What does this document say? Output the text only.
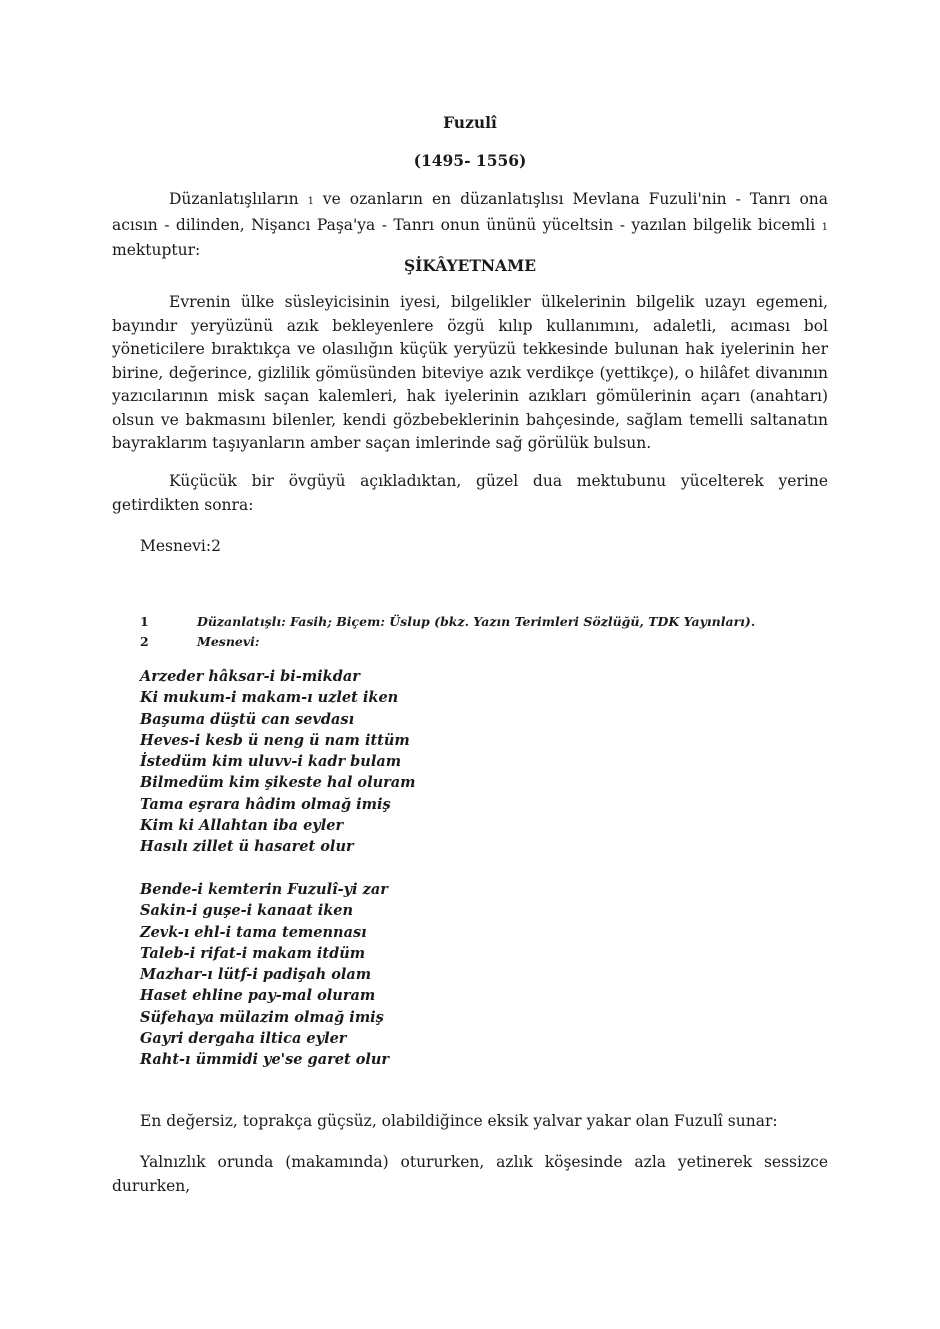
Fuzulî
(1495- 1556)
Düzanlatışlıların 1 ve ozanların en düzanlatışlısı Mevlana Fuzuli'nin - Tanrı ona acısın - dilinden, Nişancı Paşa'ya - Tanrı onun ününü yüceltsin - yazılan bilgelik bicemli 1 mektuptur:
ŞİKÂYETNAME
Evrenin ülke süsleyicisinin iyesi, bilgelikler ülkelerinin bilgelik uzayı egemeni, bayındır yeryüzünü azık bekleyenlere özgü kılıp kullanımını, adaletli, acıması bol yöneticilere bıraktıkça ve olasılığın küçük yeryüzü tekkesinde bulunan hak iyelerinin her birine, değerince, gizlilik gömüsünden biteviye azık verdikçe (yettikçe), o hilâfet divanının yazıcılarının misk saçan kalemleri, hak iyelerinin azıkları gömülerinin açarı (anahtarı) olsun ve bakmasını bilenler, kendi gözbebeklerinin bahçesinde, sağlam temelli saltanatın bayraklarım taşıyanların amber saçan imlerinde sağ görülük bulsun.
Küçücük bir övgüyü açıkladıktan, güzel dua mektubunu yücelterek yerine getirdikten sonra:
Mesnevi:2
1	Düzanlatışlı: Fasih; Biçem: Üslup (bkz. Yazın Terimleri Sözlüğü, TDK Yayınları).
2	Mesnevi:
Arzeder hâksar-i bi-mikdar
Ki mukum-i makam-ı uzlet iken
Başuma düştü can sevdası
Heves-i kesb ü neng ü nam ittüm
İstedüm kim uluvv-i kadr bulam
Bilmedüm kim şikeste hal oluram
Tama eşrara hâdim olmağ imiş
Kim ki Allahtan iba eyler
Hasılı zillet ü hasaret olur
Bende-i kemterin Fuzulî-yi zar
Sakin-i guşe-i kanaat iken
Zevk-ı ehl-i tama temennası
Taleb-i rifat-i makam itdüm
Mazhar-ı lütf-i padişah olam
Haset ehline pay-mal oluram
Süfehaya mülazim olmağ imiş
Gayri dergaha iltica eyler
Raht-ı ümmidi ye'se garet olur
En değersiz, toprakça güçsüz, olabildiğince eksik yalvar yakar olan Fuzulî sunar:
Yalnızlık orunda (makamında) otururken, azlık köşesinde azla yetinerek sessizce dururken,
